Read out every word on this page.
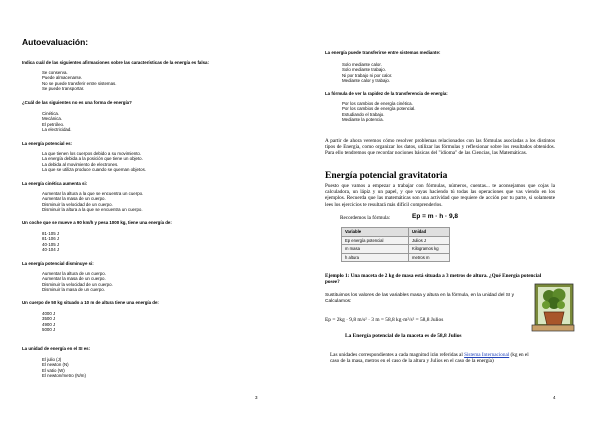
Autoevaluación:
Indica cuál de las siguientes afirmaciones sobre las características de la energía es falsa:
Se conserva.
Puede almacenarse.
No se puede transferir entre sistemas.
Se puede transportar.
¿Cuál de las siguientes no es una forma de energía?
Cinética.
Mecánica.
El petróleo.
La electricidad.
La energía potencial es:
La que tienen los cuerpos debido a su movimiento.
La energía debida a la posición que tiene un objeto.
La debida al movimiento de electrones.
La que se utiliza produce cuando se queman objetos.
La energía cinética aumenta si:
Aumentar la altura a la que se encuentra un cuerpo.
Aumentar la masa de un cuerpo.
Disminuir la velocidad de un cuerpo.
Disminuir la altura a la que se encuentra un cuerpo.
Un coche que se mueve a 90 km/h y pesa 1000 kg, tiene una energía de:
81·105 J
81·106 J
40·105 J
40·104 J
La energía potencial disminuye si:
Aumentar la altura de un cuerpo.
Aumentar la masa de un cuerpo.
Disminuir la velocidad de un cuerpo.
Disminuir la masa de un cuerpo.
Un cuerpo de 50 kg situado a 10 m de altura tiene una energía de:
4000 J
3500 J
4900 J
5000 J
La unidad de energía en el SI es:
El julio (J)
El newton (N)
El vatio (W)
El newton/metro (N/m)
3
La energía puede transferirse entre sistemas mediante:
Solo mediante calor.
Solo mediante trabajo.
Ni por trabajo ni por calor.
Mediante calor y trabajo.
La fórmula de ver la rapidez de la transferencia de energía:
Por los cambios de energía cinética.
Por los cambios de energía potencial.
Estudiando el trabajo.
Mediante la potencia.
A partir de ahora veremos cómo resolver problemas relacionados con las fórmulas asociadas a los distintos tipos de Energía, como organizar los datos, utilizar las fórmulas y reflexionar sobre los resultados obtenidos. Para ello tendremos que recordar nociones básicas del "idioma" de las Ciencias, las Matemáticas.
Energía potencial gravitatoria
Puesto que vamos a empezar a trabajar con fórmulas, números, cuentas... te aconsejamos que cojas la calculadora, un lápiz y un papel, y que vayas haciendo tú todas las operaciones que vas viendo en los ejemplos. Recuerda que las matemáticas son una actividad que requiere de acción por tu parte, si solamente lees los ejercicios te resultará más difícil comprenderlos.
Recordemos la fórmula:	Ep = m · h · 9,8
Variable	Unidad
Ep energía potencial	Julios J
m masa	Kilogramos kg
h altura	metros m
Ejemplo 1: Una maceta de 2 kg de masa está situada a 3 metros de altura. ¿Qué Energía potencial posee?
Sustituimos los valores de las variables masa y altura en la fórmula, en la unidad del SI y Calculamos:
Ep = 2kg · 9,8 m/s² · 3 m = 58,8 kg·m²/s² = 58,8 Julios
La Energía potencial de la maceta es de 58,8 Julios
Las unidades correspondientes a cada magnitud irán referidas al Sistema Internacional (kg en el caso de la masa, metros en el caso de la altura y Julios en el caso de la energía)
4
